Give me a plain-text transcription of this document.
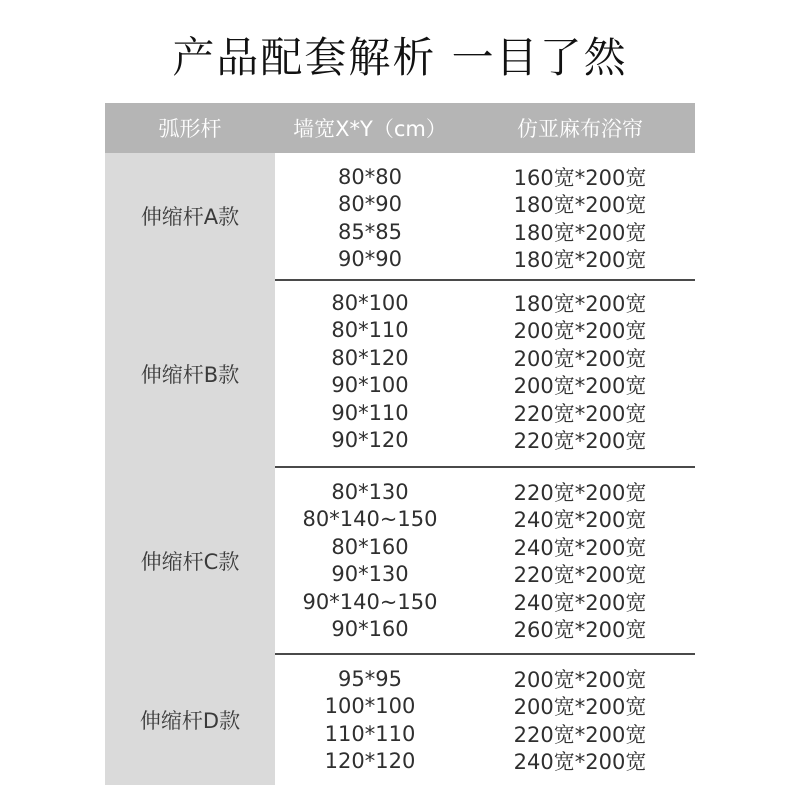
产品配套解析 一目了然
弧形杆	墙宽X*Y（cm）	仿亚麻布浴帘
伸缩杆A款
80*80	160宽*200宽
80*90	180宽*200宽
85*85	180宽*200宽
90*90	180宽*200宽
伸缩杆B款
80*100	180宽*200宽
80*110	200宽*200宽
80*120	200宽*200宽
90*100	200宽*200宽
90*110	220宽*200宽
90*120	220宽*200宽
伸缩杆C款
80*130	220宽*200宽
80*140~150	240宽*200宽
80*160	240宽*200宽
90*130	220宽*200宽
90*140~150	240宽*200宽
90*160	260宽*200宽
伸缩杆D款
95*95	200宽*200宽
100*100	200宽*200宽
110*110	220宽*200宽
120*120	240宽*200宽
